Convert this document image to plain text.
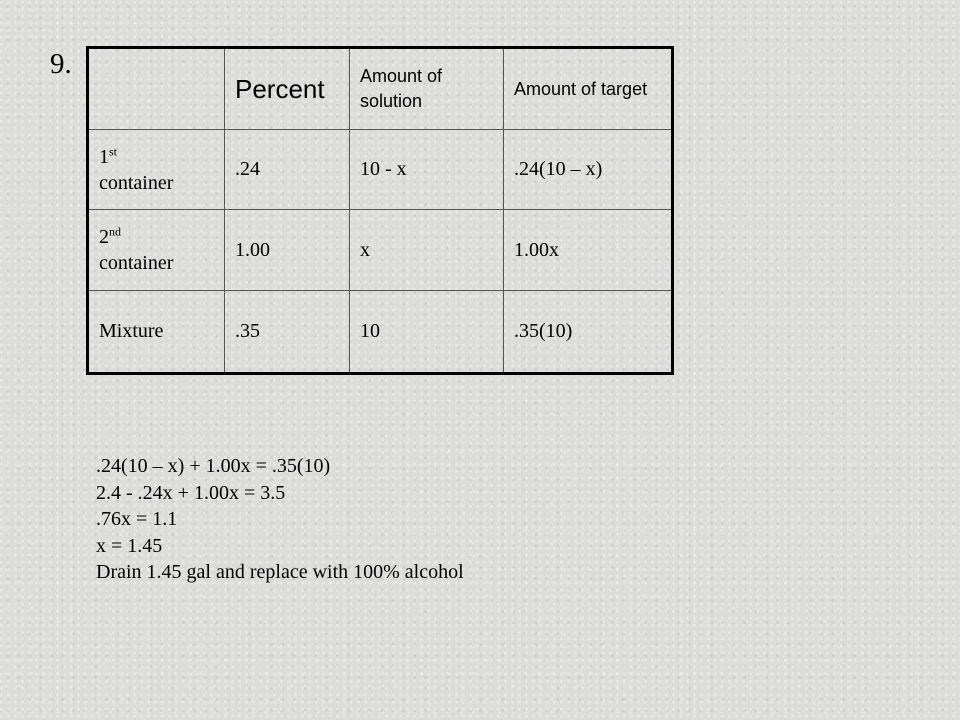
9.
	Percent	Amount of solution	Amount of target
1st
container	.24	10 - x	.24(10 – x)
2nd
container	1.00	x	1.00x
Mixture	.35	10	.35(10)
.24(10 – x) + 1.00x = .35(10)
2.4 - .24x + 1.00x = 3.5
.76x = 1.1
x = 1.45
Drain 1.45 gal and replace with 100% alcohol
